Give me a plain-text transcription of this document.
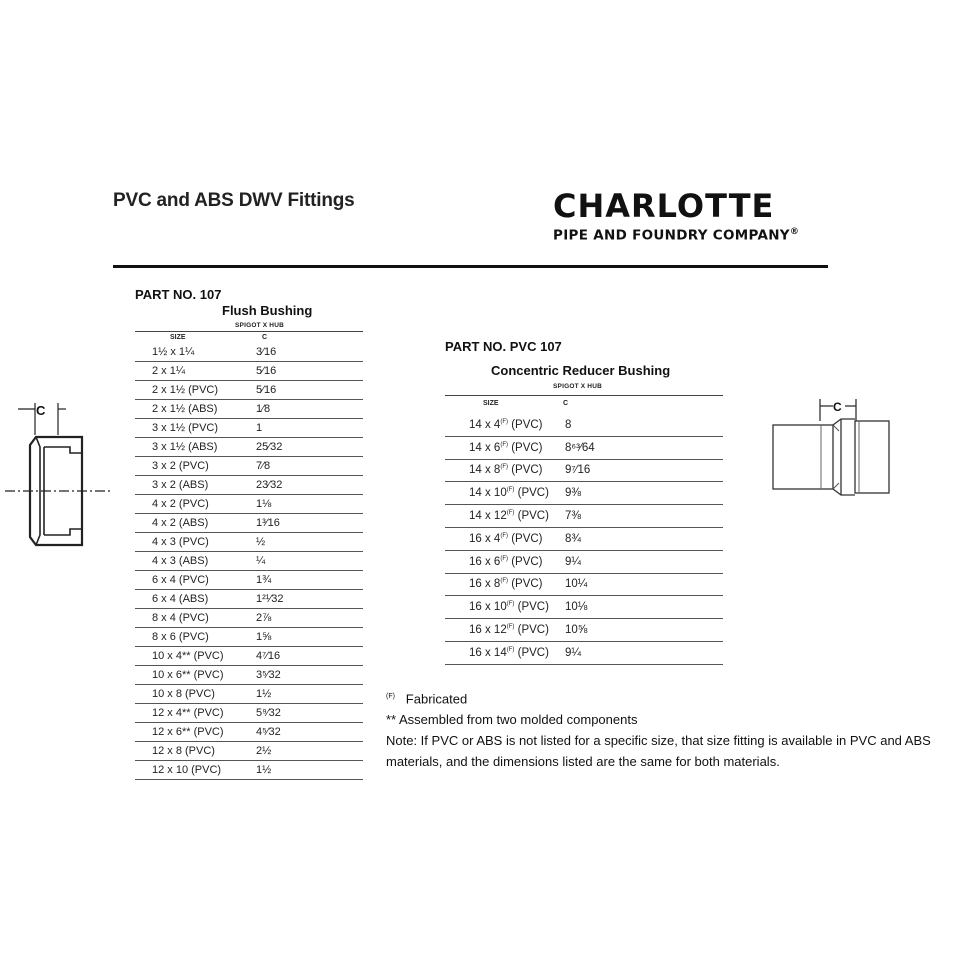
PVC and ABS DWV Fittings	CHARLOTTE
PIPE AND FOUNDRY COMPANY®
PART NO. 107
Flush Bushing
SPIGOT X HUB
SIZE	C
1½ x 1¼	3⁄16
2 x 1¼	5⁄16
2 x 1½ (PVC)	5⁄16
2 x 1½ (ABS)	1⁄8
3 x 1½ (PVC)	1
3 x 1½ (ABS)	25⁄32
3 x 2 (PVC)	7⁄8
3 x 2 (ABS)	23⁄32
4 x 2 (PVC)	1⅛
4 x 2 (ABS)	1³⁄16
4 x 3 (PVC)	½
4 x 3 (ABS)	¼
6 x 4 (PVC)	1¾
6 x 4 (ABS)	1²¹⁄32
8 x 4 (PVC)	2⅞
8 x 6 (PVC)	1⅝
10 x 4** (PVC)	4⁷⁄16
10 x 6** (PVC)	3⁵⁄32
10 x 8 (PVC)	1½
12 x 4** (PVC)	5⁹⁄32
12 x 6** (PVC)	4⁵⁄32
12 x 8 (PVC)	2½
12 x 10 (PVC)	1½
C
PART NO. PVC 107
Concentric Reducer Bushing
SPIGOT X HUB
SIZE	C
14 x $4^{(F)}$ (PVC)	8
14 x $6^{(F)}$ (PVC)	8⁶³⁄64
14 x $8^{(F)}$ (PVC)	9⁷⁄16
14 x $10^{(F)}$ (PVC)	9⅜
14 x $12^{(F)}$ (PVC)	7⅜
16 x $4^{(F)}$ (PVC)	8¾
16 x $6^{(F)}$ (PVC)	9¼
16 x $8^{(F)}$ (PVC)	10¼
16 x $10^{(F)}$ (PVC)	10⅛
16 x $12^{(F)}$ (PVC)	10⅝
16 x $14^{(F)}$ (PVC)	9¼
C

$^{(F)}$ Fabricated

** Assembled from two molded components

Note: If PVC or ABS is not listed for a specific size, that size fitting is available in PVC and ABS materials, and the dimensions listed are the same for both materials.
